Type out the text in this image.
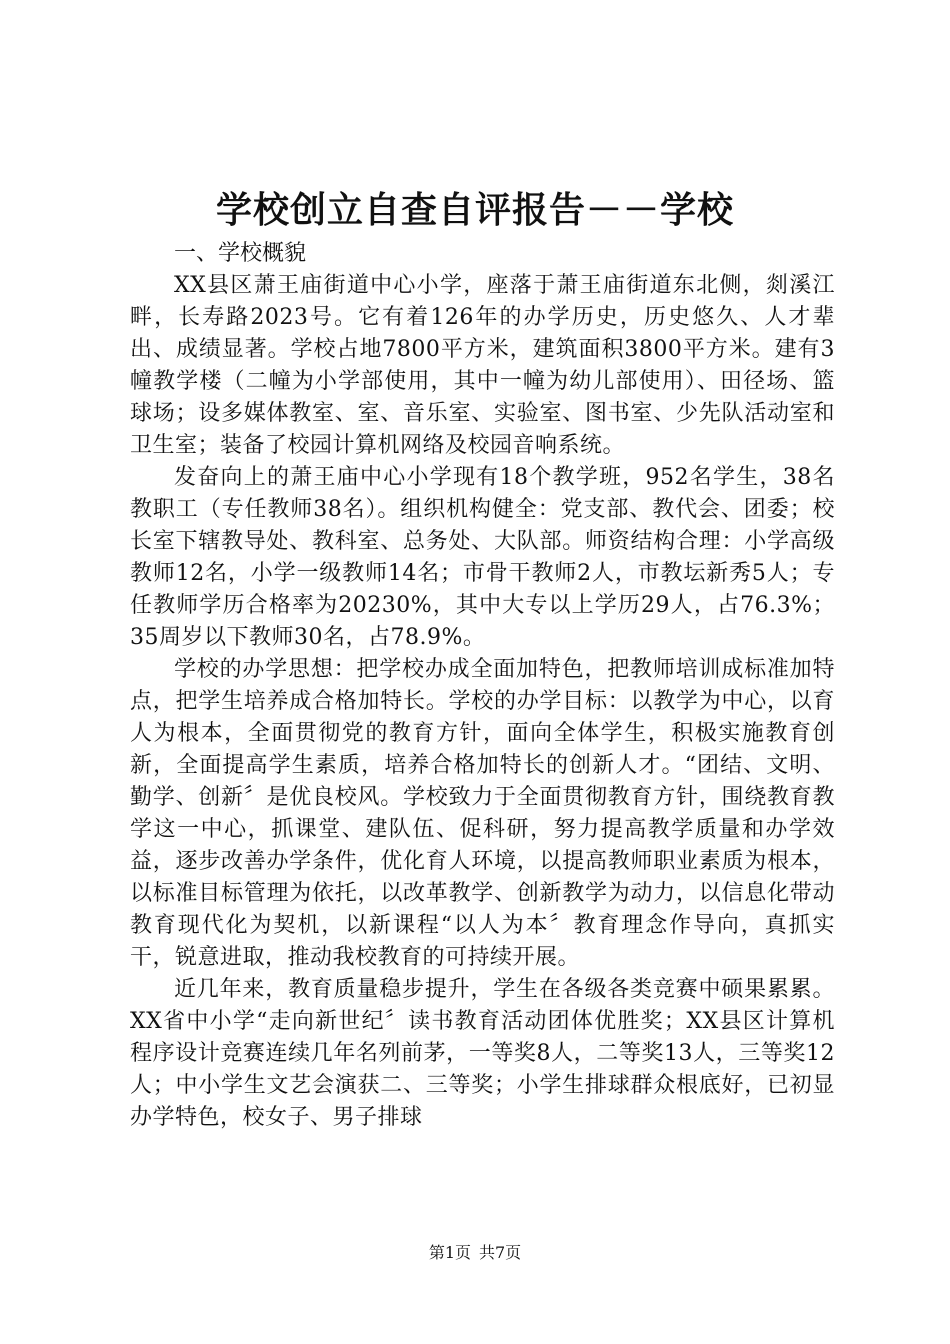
学校创立自查自评报告－－学校

一、学校概貌

XX县区萧王庙街道中心小学，座落于萧王庙街道东北侧，剡溪江畔，长寿路2023号。它有着126年的办学历史，历史悠久、人才辈出、成绩显著。学校占地7800平方米，建筑面积3800平方米。建有3幢教学楼（二幢为小学部使用，其中一幢为幼儿部使用）、田径场、篮球场；设多媒体教室、室、音乐室、实验室、图书室、少先队活动室和卫生室；装备了校园计算机网络及校园音响系统。

发奋向上的萧王庙中心小学现有18个教学班，952名学生，38名教职工（专任教师38名）。组织机构健全：党支部、教代会、团委；校长室下辖教导处、教科室、总务处、大队部。师资结构合理：小学高级教师12名，小学一级教师14名；市骨干教师2人，市教坛新秀5人；专任教师学历合格率为20230%，其中大专以上学历29人，占76.3%；35周岁以下教师30名，占78.9%。

学校的办学思想：把学校办成全面加特色，把教师培训成标准加特点，把学生培养成合格加特长。学校的办学目标：以教学为中心，以育人为根本，全面贯彻党的教育方针，面向全体学生，积极实施教育创新，全面提高学生素质，培养合格加特长的创新人才。“团结、文明、勤学、创新〞是优良校风。学校致力于全面贯彻教育方针，围绕教育教学这一中心，抓课堂、建队伍、促科研，努力提高教学质量和办学效益，逐步改善办学条件，优化育人环境，以提高教师职业素质为根本，以标准目标管理为依托，以改革教学、创新教学为动力，以信息化带动教育现代化为契机，以新课程“以人为本〞教育理念作导向，真抓实干，锐意进取，推动我校教育的可持续开展。

近几年来，教育质量稳步提升，学生在各级各类竞赛中硕果累累。XX省中小学“走向新世纪〞读书教育活动团体优胜奖；XX县区计算机程序设计竞赛连续几年名列前茅，一等奖8人，二等奖13人，三等奖12人；中小学生文艺会演获二、三等奖；小学生排球群众根底好，已初显办学特色，校女子、男子排球

第1页 共7页
